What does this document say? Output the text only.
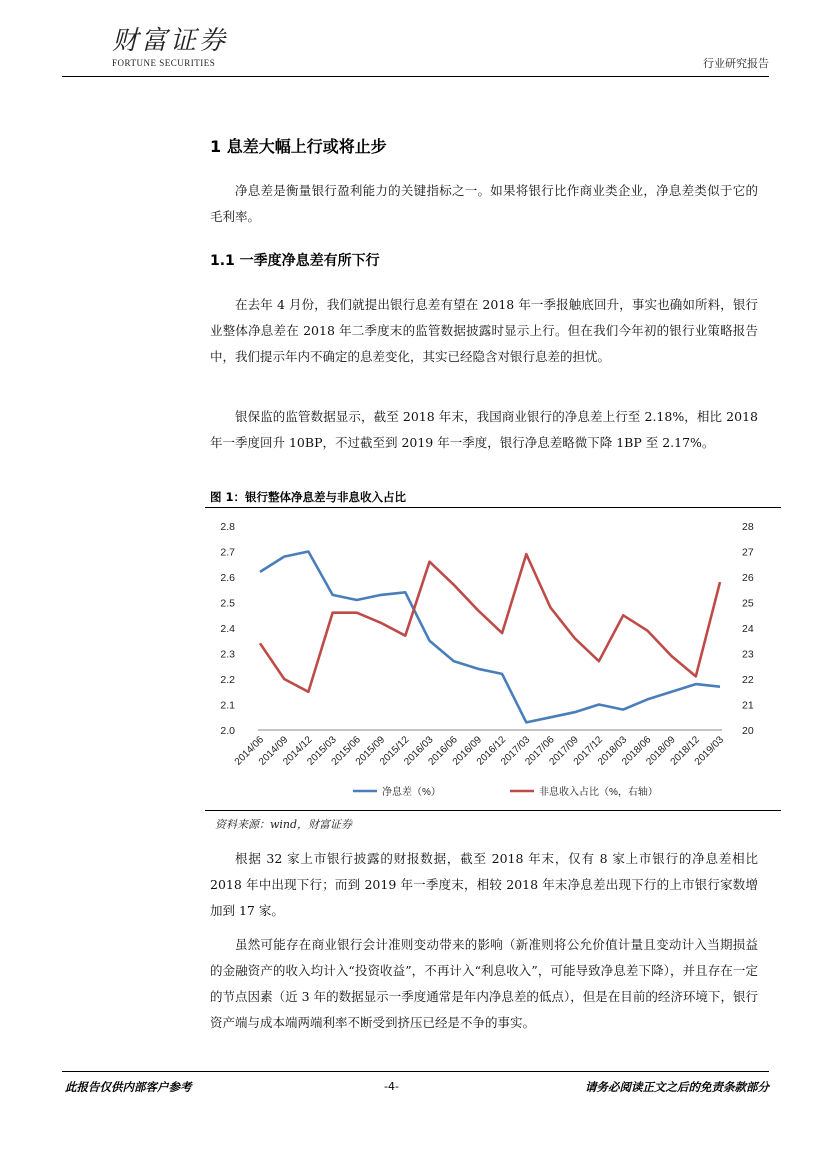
财富证券
FORTUNE SECURITIES	行业研究报告
1 息差大幅上行或将止步
净息差是衡量银行盈利能力的关键指标之一。如果将银行比作商业类企业，净息差类似于它的毛利率。
1.1 一季度净息差有所下行
在去年 4 月份，我们就提出银行息差有望在 2018 年一季报触底回升，事实也确如所料，银行业整体净息差在 2018 年二季度末的监管数据披露时显示上行。但在我们今年初的银行业策略报告中，我们提示年内不确定的息差变化，其实已经隐含对银行息差的担忧。
银保监的监管数据显示，截至 2018 年末，我国商业银行的净息差上行至 2.18%，相比 2018 年一季度回升 10BP，不过截至到 2019 年一季度，银行净息差略微下降 1BP 至 2.17%。
图 1：银行整体净息差与非息收入占比
2.0
2.1
2.2
2.3
2.4
2.5
2.6
2.7
2.8
20
21
22
23
24
25
26
27
28
2014/06
2014/09
2014/12
2015/03
2015/06
2015/09
2015/12
2016/03
2016/06
2016/09
2016/12
2017/03
2017/06
2017/09
2017/12
2018/03
2018/06
2018/09
2018/12
2019/03
净息差（%）	非息收入占比（%，右轴）
资料来源：wind，财富证券
根据 32 家上市银行披露的财报数据，截至 2018 年末，仅有 8 家上市银行的净息差相比 2018 年中出现下行；而到 2019 年一季度末，相较 2018 年末净息差出现下行的上市银行家数增加到 17 家。
虽然可能存在商业银行会计准则变动带来的影响（新准则将公允价值计量且变动计入当期损益的金融资产的收入均计入“投资收益”，不再计入“利息收入”，可能导致净息差下降），并且存在一定的节点因素（近 3 年的数据显示一季度通常是年内净息差的低点），但是在目前的经济环境下，银行资产端与成本端两端利率不断受到挤压已经是不争的事实。
此报告仅供内部客户参考	-4-	请务必阅读正文之后的免责条款部分
